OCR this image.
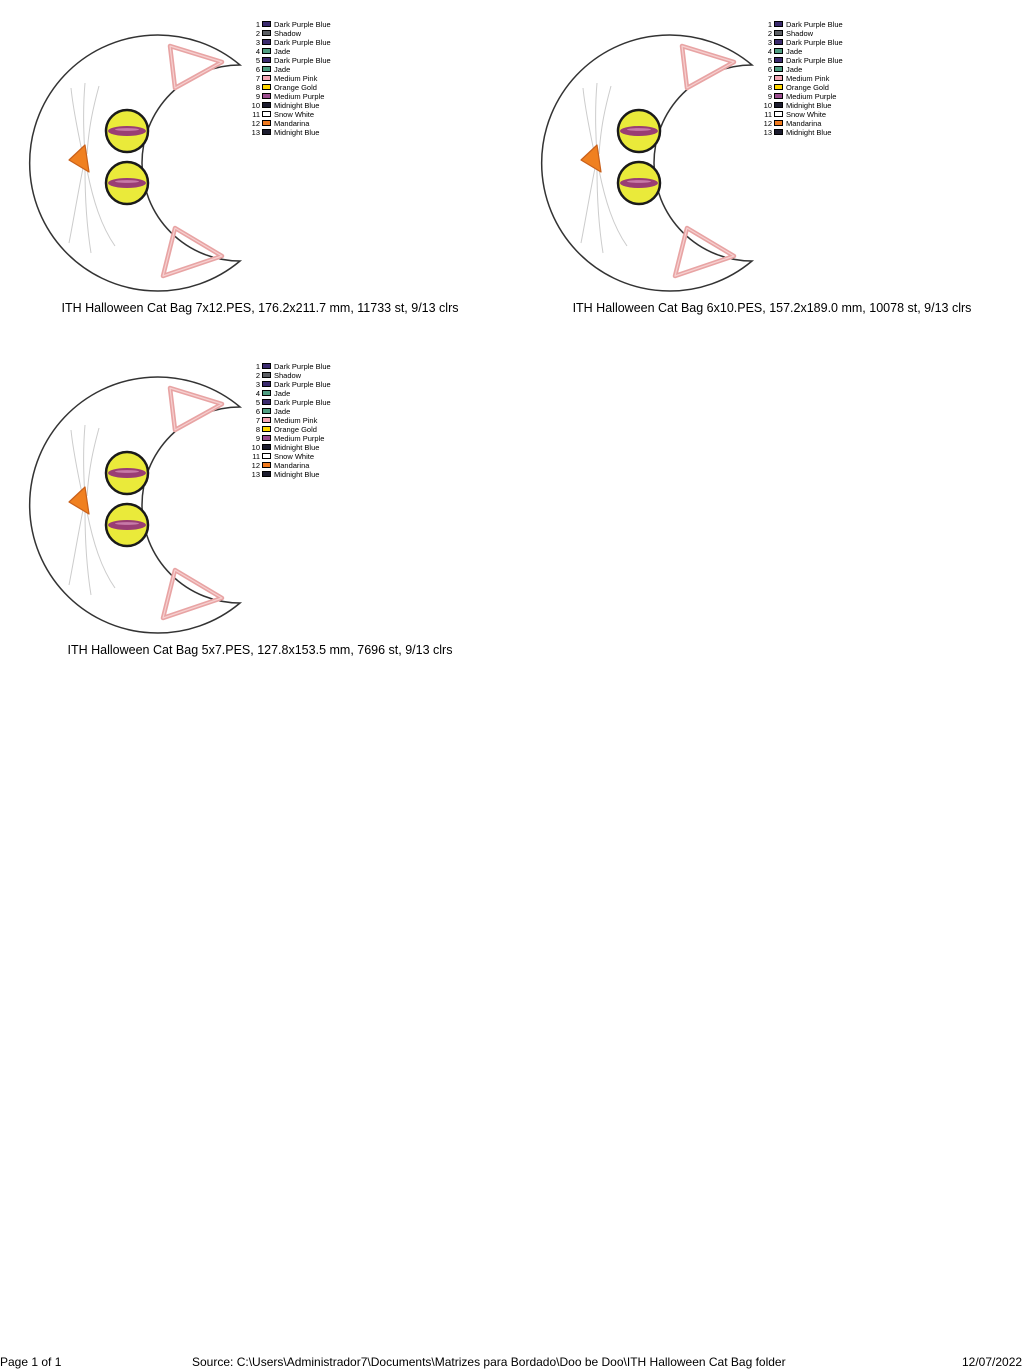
1 Dark Purple Blue
2 Shadow
3 Dark Purple Blue
4 Jade
5 Dark Purple Blue
6 Jade
7 Medium Pink
8 Orange Gold
9 Medium Purple
10 Midnight Blue
11 Snow White
12 Mandarina
13 Midnight Blue
ITH Halloween Cat Bag 7x12.PES, 176.2x211.7 mm, 11733 st, 9/13 clrs
1 Dark Purple Blue
2 Shadow
3 Dark Purple Blue
4 Jade
5 Dark Purple Blue
6 Jade
7 Medium Pink
8 Orange Gold
9 Medium Purple
10 Midnight Blue
11 Snow White
12 Mandarina
13 Midnight Blue
ITH Halloween Cat Bag 6x10.PES, 157.2x189.0 mm, 10078 st, 9/13 clrs
1 Dark Purple Blue
2 Shadow
3 Dark Purple Blue
4 Jade
5 Dark Purple Blue
6 Jade
7 Medium Pink
8 Orange Gold
9 Medium Purple
10 Midnight Blue
11 Snow White
12 Mandarina
13 Midnight Blue
ITH Halloween Cat Bag 5x7.PES, 127.8x153.5 mm, 7696 st, 9/13 clrs
Page 1 of 1	Source: C:\Users\Administrador7\Documents\Matrizes para Bordado\Doo be Doo\ITH Halloween Cat Bag folder	12/07/2022
